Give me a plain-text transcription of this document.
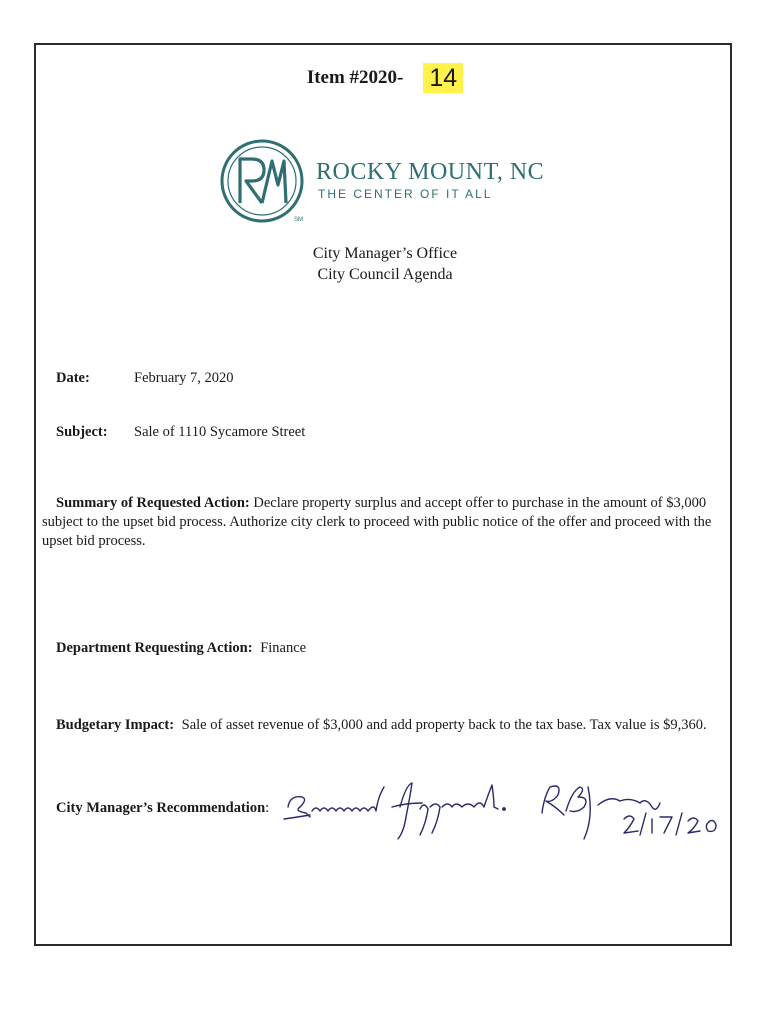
Item #2020- 14
SM
ROCKY MOUNT, NC
THE CENTER OF IT ALL
City Manager’s Office
City Council Agenda
Date:	February 7, 2020
Subject: Sale of 1110 Sycamore Street
Summary of Requested Action: Declare property surplus and accept offer to purchase in the amount of $3,000 subject to the upset bid process. Authorize city clerk to proceed with public notice of the offer and proceed with the upset bid process.
Department Requesting Action: Finance
Budgetary Impact: Sale of asset revenue of $3,000 and add property back to the tax base. Tax value is $9,360.
City Manager’s Recommendation:
